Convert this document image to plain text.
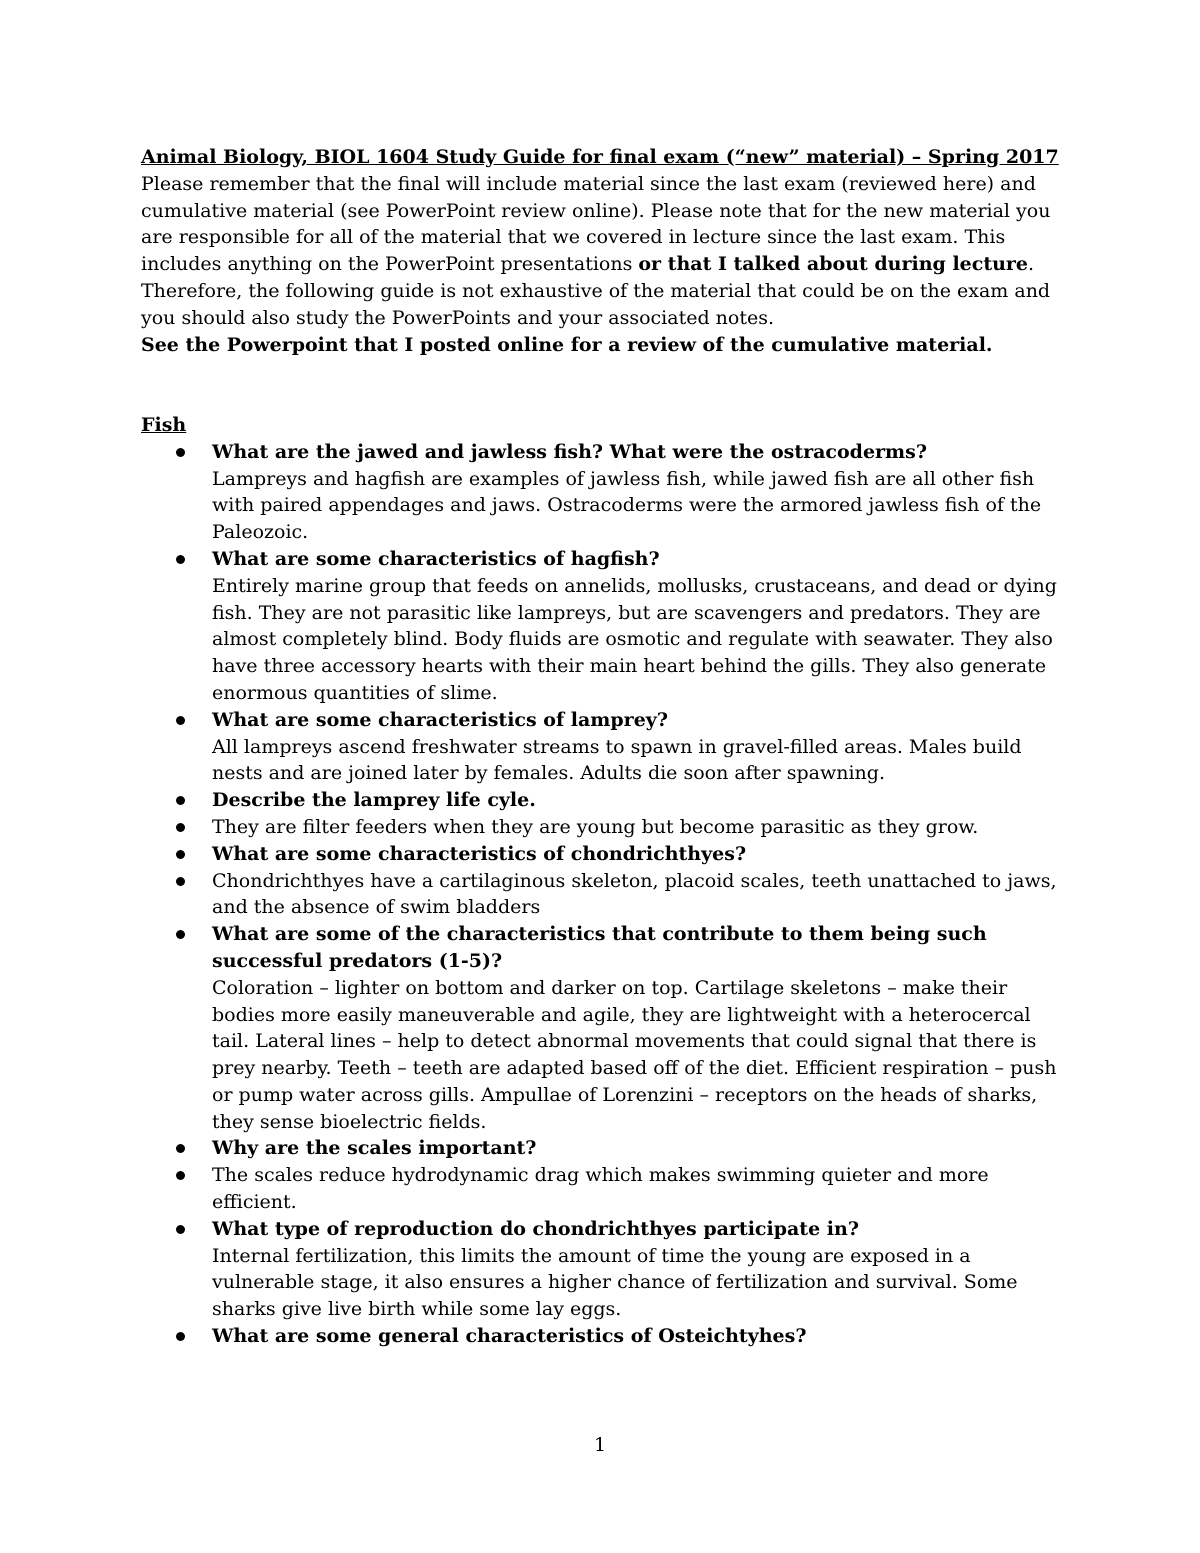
Animal Biology, BIOL 1604 Study Guide for final exam (“new” material) – Spring 2017

Please remember that the final will include material since the last exam (reviewed here) and cumulative material (see PowerPoint review online). Please note that for the new material you are responsible for all of the material that we covered in lecture since the last exam. This includes anything on the PowerPoint presentations or that I talked about during lecture. Therefore, the following guide is not exhaustive of the material that could be on the exam and you should also study the PowerPoints and your associated notes.

See the Powerpoint that I posted online for a review of the cumulative material.

Fish

What are the jawed and jawless fish? What were the ostracoderms?
Lampreys and hagfish are examples of jawless fish, while jawed fish are all other fish with paired appendages and jaws. Ostracoderms were the armored jawless fish of the Paleozoic.
What are some characteristics of hagfish?
Entirely marine group that feeds on annelids, mollusks, crustaceans, and dead or dying fish. They are not parasitic like lampreys, but are scavengers and predators. They are almost completely blind. Body fluids are osmotic and regulate with seawater. They also have three accessory hearts with their main heart behind the gills. They also generate enormous quantities of slime.
What are some characteristics of lamprey?
All lampreys ascend freshwater streams to spawn in gravel-filled areas. Males build nests and are joined later by females. Adults die soon after spawning.
Describe the lamprey life cyle.
They are filter feeders when they are young but become parasitic as they grow.
What are some characteristics of chondrichthyes?
Chondrichthyes have a cartilaginous skeleton, placoid scales, teeth unattached to jaws, and the absence of swim bladders
What are some of the characteristics that contribute to them being such successful predators (1-5)?
Coloration – lighter on bottom and darker on top. Cartilage skeletons – make their bodies more easily maneuverable and agile, they are lightweight with a heterocercal tail. Lateral lines – help to detect abnormal movements that could signal that there is prey nearby. Teeth – teeth are adapted based off of the diet. Efficient respiration – push or pump water across gills. Ampullae of Lorenzini – receptors on the heads of sharks, they sense bioelectric fields.
Why are the scales important?
The scales reduce hydrodynamic drag which makes swimming quieter and more efficient.
What type of reproduction do chondrichthyes participate in?
Internal fertilization, this limits the amount of time the young are exposed in a vulnerable stage, it also ensures a higher chance of fertilization and survival. Some sharks give live birth while some lay eggs.
What are some general characteristics of Osteichtyhes?
1
